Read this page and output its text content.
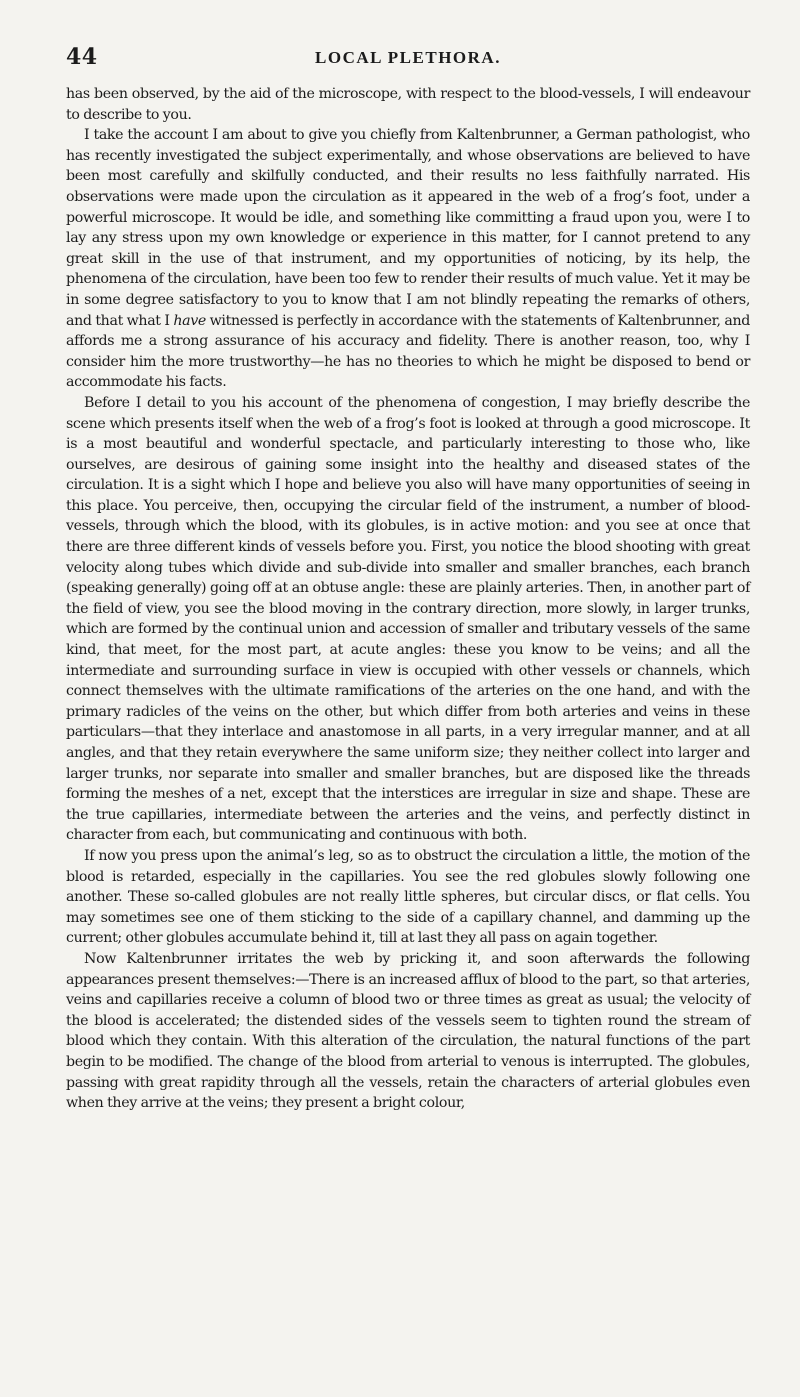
44	LOCAL PLETHORA.

has been observed, by the aid of the microscope, with respect to the blood-vessels, I will endeavour to describe to you.

I take the account I am about to give you chiefly from Kaltenbrunner, a German pathologist, who has recently investigated the subject experimentally, and whose observations are believed to have been most carefully and skilfully conducted, and their results no less faithfully narrated. His observations were made upon the circulation as it appeared in the web of a frog’s foot, under a powerful microscope. It would be idle, and something like committing a fraud upon you, were I to lay any stress upon my own knowledge or experience in this matter, for I cannot pretend to any great skill in the use of that instrument, and my opportunities of noticing, by its help, the phenomena of the circulation, have been too few to render their results of much value. Yet it may be in some degree satisfactory to you to know that I am not blindly repeating the remarks of others, and that what I have witnessed is perfectly in accordance with the statements of Kaltenbrunner, and affords me a strong assurance of his accuracy and fidelity. There is another reason, too, why I consider him the more trustworthy—he has no theories to which he might be disposed to bend or accommodate his facts.

Before I detail to you his account of the phenomena of congestion, I may briefly describe the scene which presents itself when the web of a frog’s foot is looked at through a good microscope. It is a most beautiful and wonderful spectacle, and particularly interesting to those who, like ourselves, are desirous of gaining some insight into the healthy and diseased states of the circulation. It is a sight which I hope and believe you also will have many opportunities of seeing in this place. You perceive, then, occupying the circular field of the instrument, a number of blood-vessels, through which the blood, with its globules, is in active motion: and you see at once that there are three different kinds of vessels before you. First, you notice the blood shooting with great velocity along tubes which divide and sub-divide into smaller and smaller branches, each branch (speaking generally) going off at an obtuse angle: these are plainly arteries. Then, in another part of the field of view, you see the blood moving in the contrary direction, more slowly, in larger trunks, which are formed by the continual union and accession of smaller and tributary vessels of the same kind, that meet, for the most part, at acute angles: these you know to be veins; and all the intermediate and surrounding surface in view is occupied with other vessels or channels, which connect themselves with the ultimate ramifications of the arteries on the one hand, and with the primary radicles of the veins on the other, but which differ from both arteries and veins in these particulars—that they interlace and anastomose in all parts, in a very irregular manner, and at all angles, and that they retain everywhere the same uniform size; they neither collect into larger and larger trunks, nor separate into smaller and smaller branches, but are disposed like the threads forming the meshes of a net, except that the interstices are irregular in size and shape. These are the true capillaries, intermediate between the arteries and the veins, and perfectly distinct in character from each, but communicating and continuous with both.

If now you press upon the animal’s leg, so as to obstruct the circulation a little, the motion of the blood is retarded, especially in the capillaries. You see the red globules slowly following one another. These so-called globules are not really little spheres, but circular discs, or flat cells. You may sometimes see one of them sticking to the side of a capillary channel, and damming up the current; other globules accumulate behind it, till at last they all pass on again together.

Now Kaltenbrunner irritates the web by pricking it, and soon afterwards the following appearances present themselves:—There is an increased afflux of blood to the part, so that arteries, veins and capillaries receive a column of blood two or three times as great as usual; the velocity of the blood is accelerated; the distended sides of the vessels seem to tighten round the stream of blood which they contain. With this alteration of the circulation, the natural functions of the part begin to be modified. The change of the blood from arterial to venous is interrupted. The globules, passing with great rapidity through all the vessels, retain the characters of arterial globules even when they arrive at the veins; they present a bright colour,
